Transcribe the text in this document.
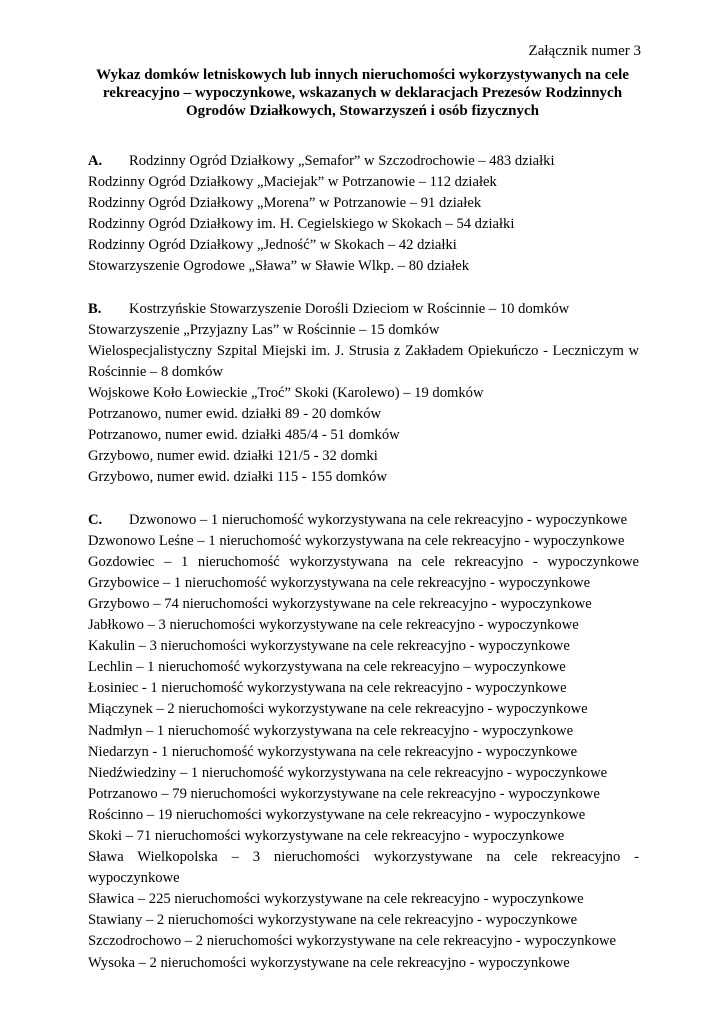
Załącznik numer 3
Wykaz domków letniskowych lub innych nieruchomości wykorzystywanych na cele
rekreacyjno – wypoczynkowe, wskazanych w deklaracjach Prezesów Rodzinnych
Ogrodów Działkowych, Stowarzyszeń i osób fizycznych
A. Rodzinny Ogród Działkowy „Semafor” w Szczodrochowie – 483 działki
Rodzinny Ogród Działkowy „Maciejak” w Potrzanowie – 112 działek
Rodzinny Ogród Działkowy „Morena” w Potrzanowie – 91 działek
Rodzinny Ogród Działkowy im. H. Cegielskiego w Skokach – 54 działki
Rodzinny Ogród Działkowy „Jedność” w Skokach – 42 działki
Stowarzyszenie Ogrodowe „Sława” w Sławie Wlkp. – 80 działek
B. Kostrzyńskie Stowarzyszenie Dorośli Dzieciom w Rościnnie – 10 domków
Stowarzyszenie „Przyjazny Las” w Rościnnie – 15 domków
Wielospecjalistyczny Szpital Miejski im. J. Strusia z Zakładem Opiekuńczo - Leczniczym w Rościnnie – 8 domków
Wojskowe Koło Łowieckie „Troć” Skoki (Karolewo) – 19 domków
Potrzanowo, numer ewid. działki 89 - 20 domków
Potrzanowo, numer ewid. działki 485/4 - 51 domków
Grzybowo, numer ewid. działki 121/5 - 32 domki
Grzybowo, numer ewid. działki 115 - 155 domków
C. Dzwonowo – 1 nieruchomość wykorzystywana na cele rekreacyjno - wypoczynkowe
Dzwonowo Leśne – 1 nieruchomość wykorzystywana na cele rekreacyjno - wypoczynkowe
Gozdowiec – 1 nieruchomość wykorzystywana na cele rekreacyjno - wypoczynkowe
Grzybowice – 1 nieruchomość wykorzystywana na cele rekreacyjno - wypoczynkowe
Grzybowo – 74 nieruchomości wykorzystywane na cele rekreacyjno - wypoczynkowe
Jabłkowo – 3 nieruchomości wykorzystywane na cele rekreacyjno - wypoczynkowe
Kakulin – 3 nieruchomości wykorzystywane na cele rekreacyjno - wypoczynkowe
Lechlin – 1 nieruchomość wykorzystywana na cele rekreacyjno – wypoczynkowe
Łosiniec - 1 nieruchomość wykorzystywana na cele rekreacyjno - wypoczynkowe
Miączynek – 2 nieruchomości wykorzystywane na cele rekreacyjno - wypoczynkowe
Nadmłyn – 1 nieruchomość wykorzystywana na cele rekreacyjno - wypoczynkowe
Niedarzyn - 1 nieruchomość wykorzystywana na cele rekreacyjno - wypoczynkowe
Niedźwiedziny – 1 nieruchomość wykorzystywana na cele rekreacyjno - wypoczynkowe
Potrzanowo – 79 nieruchomości wykorzystywane na cele rekreacyjno - wypoczynkowe
Rościnno – 19 nieruchomości wykorzystywane na cele rekreacyjno - wypoczynkowe
Skoki – 71 nieruchomości wykorzystywane na cele rekreacyjno - wypoczynkowe
Sława Wielkopolska – 3 nieruchomości wykorzystywane na cele rekreacyjno - wypoczynkowe
Sławica – 225 nieruchomości wykorzystywane na cele rekreacyjno - wypoczynkowe
Stawiany – 2 nieruchomości wykorzystywane na cele rekreacyjno - wypoczynkowe
Szczodrochowo – 2 nieruchomości wykorzystywane na cele rekreacyjno - wypoczynkowe
Wysoka – 2 nieruchomości wykorzystywane na cele rekreacyjno - wypoczynkowe
